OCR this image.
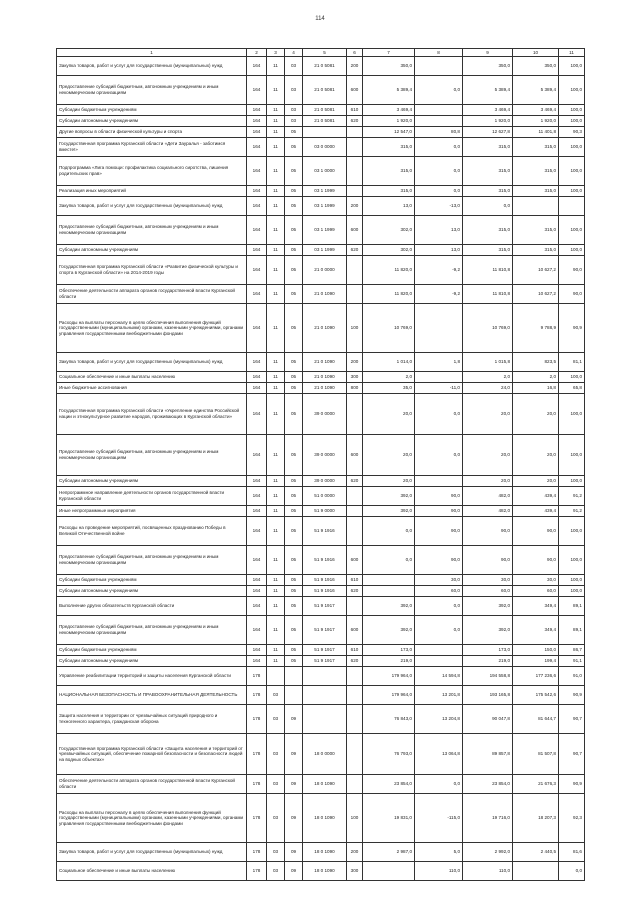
114
1	2	3	4	5	6	7	8	9	10	11
Закупка товаров, работ и услуг для государственных (муниципальных) нужд	164	11	03	21 0 5081	200	350,0		350,0	350,0	100,0
Предоставление субсидий бюджетным, автономным учреждениям и иным некоммерческим организациям	164	11	03	21 0 5081	600	5 389,4	0,0	5 389,4	5 389,4	100,0
Субсидии бюджетным учреждениям	164	11	03	21 0 5081	610	3 469,4		3 469,4	3 469,4	100,0
Субсидии автономным учреждениям	164	11	03	21 0 5081	620	1 920,0		1 920,0	1 920,0	100,0
Другие вопросы в области физической культуры и спорта	164	11	05			12 547,0	80,8	12 627,8	11 401,8	90,3
Государственная программа Курганской области «Дети Зауралья - заботимся вместе!»	164	11	05	03 0 0000		315,0	0,0	315,0	315,0	100,0
Подпрограмма «Лига помощи: профилактика социального сиротства, лишения родительских прав»	164	11	05	03 1 0000		315,0	0,0	315,0	315,0	100,0
Реализация иных мероприятий	164	11	05	03 1 1999		315,0	0,0	315,0	315,0	100,0
Закупка товаров, работ и услуг для государственных (муниципальных) нужд	164	11	05	03 1 1999	200	13,0	-13,0	0,0		
Предоставление субсидий бюджетным, автономным учреждениям и иным некоммерческим организациям	164	11	05	03 1 1999	600	302,0	13,0	315,0	315,0	100,0
Субсидии автономным учреждениям	164	11	05	03 1 1999	620	302,0	13,0	315,0	315,0	100,0
Государственная программа Курганской области «Развитие физической культуры и спорта в Курганской области» на 2014-2019 годы	164	11	05	21 0 0000		11 820,0	-9,2	11 810,8	10 627,2	90,0
Обеспечение деятельности аппарата органов государственной власти Курганской области	164	11	05	21 0 1090		11 820,0	-9,2	11 810,8	10 627,2	90,0
Расходы на выплаты персоналу в целях обеспечения выполнения функций государственными (муниципальными) органами, казенными учреждениями, органами управления государственными внебюджетными фондами	164	11	05	21 0 1090	100	10 769,0		10 769,0	9 788,9	90,9
Закупка товаров, работ и услуг для государственных (муниципальных) нужд	164	11	05	21 0 1090	200	1 014,0	1,8	1 015,8	823,5	81,1
Социальное обеспечение и иные выплаты населению	164	11	05	21 0 1090	300	2,0		2,0	2,0	100,0
Иные бюджетные ассигнования	164	11	05	21 0 1090	800	35,0	-11,0	24,0	16,8	65,8
Государственная программа Курганской области «Укрепление единства Российской нации и этнокультурное развитие народов, проживающих в Курганской области»	164	11	05	39 0 0000		20,0	0,0	20,0	20,0	100,0
Предоставление субсидий бюджетным, автономным учреждениям и иным некоммерческим организациям	164	11	05	39 0 0000	600	20,0	0,0	20,0	20,0	100,0
Субсидии автономным учреждениям	164	11	05	39 0 0000	620	20,0		20,0	20,0	100,0
Непрограммное направление деятельности органов государственной власти Курганской области	164	11	05	51 0 0000		392,0	90,0	482,0	439,4	91,2
Иные непрограммные мероприятия	164	11	05	51 9 0000		392,0	90,0	482,0	439,4	91,2
Расходы на проведение мероприятий, посвященных празднованию Победы в Великой Отечественной войне	164	11	05	51 9 1916		0,0	90,0	90,0	90,0	100,0
Предоставление субсидий бюджетным, автономным учреждениям и иным некоммерческим организациям	164	11	05	51 9 1916	600	0,0	90,0	90,0	90,0	100,0
Субсидии бюджетным учреждениям	164	11	05	51 9 1916	610		30,0	30,0	30,0	100,0
Субсидии автономным учреждениям	164	11	05	51 9 1916	620		60,0	60,0	60,0	100,0
Выполнение других обязательств Курганской области	164	11	05	51 9 1917		392,0	0,0	392,0	349,4	89,1
Предоставление субсидий бюджетным, автономным учреждениям и иным некоммерческим организациям	164	11	05	51 9 1917	600	392,0	0,0	392,0	349,4	89,1
Субсидии бюджетным учреждениям	164	11	05	51 9 1917	610	173,0		173,0	150,0	86,7
Субсидии автономным учреждениям	164	11	05	51 9 1917	620	219,0		219,0	199,4	91,1
Управление реабилитации территорий и защиты населения Курганской области	178					179 964,0	14 594,8	194 558,8	177 236,6	91,0
НАЦИОНАЛЬНАЯ БЕЗОПАСНОСТЬ И ПРАВООХРАНИТЕЛЬНАЯ ДЕЯТЕЛЬНОСТЬ	178	03				179 964,0	13 201,8	193 165,8	175 542,6	90,9
Защита населения и территории от чрезвычайных ситуаций природного и техногенного характера, гражданская оборона	178	03	09			76 843,0	13 204,8	90 047,8	81 644,7	90,7
Государственная программа Курганской области «Защита населения и территорий от чрезвычайных ситуаций, обеспечение пожарной безопасности и безопасности людей на водных объектах»	178	03	09	18 0 0000		76 793,0	13 064,8	89 857,8	81 507,8	90,7
Обеспечение деятельности аппарата органов государственной власти Курганской области	178	03	09	18 0 1090		23 854,0	0,0	23 854,0	21 676,3	90,9
Расходы на выплаты персоналу в целях обеспечения выполнения функций государственными (муниципальными) органами, казенными учреждениями, органами управления государственными внебюджетными фондами	178	03	09	18 0 1090	100	19 831,0	-115,0	19 716,0	18 207,3	92,3
Закупка товаров, работ и услуг для государственных (муниципальных) нужд	178	03	09	18 0 1090	200	2 987,0	5,0	2 992,0	2 440,5	81,6
Социальное обеспечение и иные выплаты населению	178	03	09	18 0 1090	300		110,0	110,0		0,0
